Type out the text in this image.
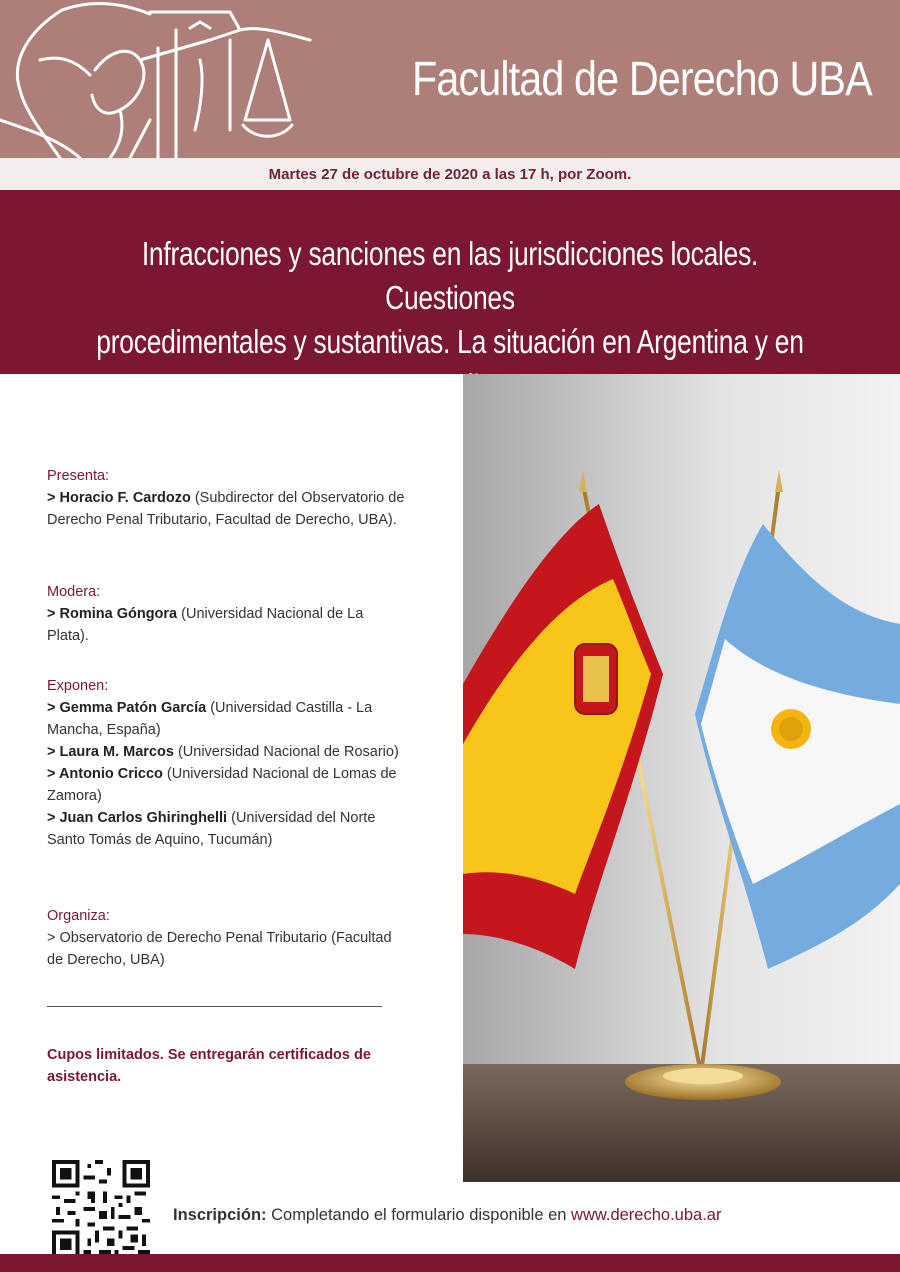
Facultad de Derecho UBA
Martes 27 de octubre de 2020 a las 17 h, por Zoom.
Infracciones y sanciones en las jurisdicciones locales. Cuestiones
procedimentales y sustantivas. La situación en Argentina y en
Presenta:
> Horacio F. Cardozo (Subdirector del Observatorio de Derecho Penal Tributario, Facultad de Derecho, UBA).
Modera:
> Romina Góngora (Universidad Nacional de La Plata).
Exponen:
> Gemma Patón García (Universidad Castilla - La Mancha, España)
> Laura M. Marcos (Universidad Nacional de Rosario)
> Antonio Cricco (Universidad Nacional de Lomas de Zamora)
> Juan Carlos Ghiringhelli (Universidad del Norte Santo Tomás de Aquino, Tucumán)
Organiza:
> Observatorio de Derecho Penal Tributario (Facultad de Derecho, UBA)
Cupos limitados. Se entregarán certificados de asistencia.
Inscripción: Completando el formulario disponible en www.derecho.uba.ar
